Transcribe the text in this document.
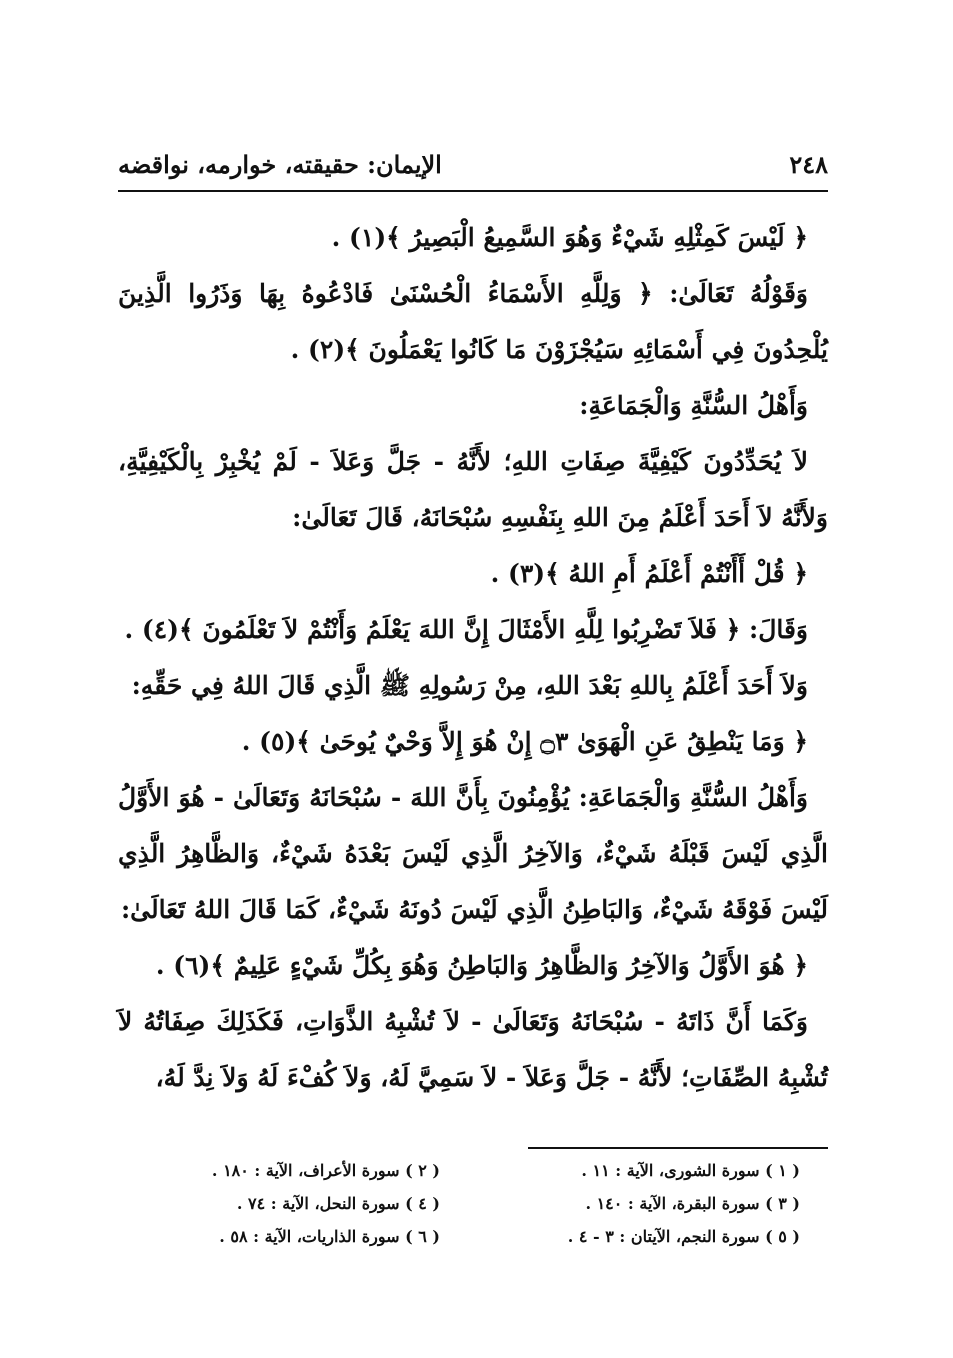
٢٤٨
الإيمان: حقيقته، خوارمه، نواقضه

﴿ لَيْسَ كَمِثْلِهِ شَيْءٌ وَهُوَ السَّمِيعُ الْبَصِيرُ ﴾(١) .

وَقَوْلُهُ تَعَالَىٰ: ﴿ وَلِلَّهِ الأَسْمَاءُ الْحُسْنَىٰ فَادْعُوهُ بِهَا وَذَرُوا الَّذِينَ يُلْحِدُونَ فِي أَسْمَائِهِ سَيُجْزَوْنَ مَا كَانُوا يَعْمَلُونَ ﴾(٢) .

وَأَهْلُ السُّنَّةِ وَالْجَمَاعَةِ:

لاَ يُحَدِّدُونَ كَيْفِيَّةَ صِفَاتِ اللهِ؛ لأَنَّهُ - جَلَّ وَعَلاَ - لَمْ يُخْبِرْ بِالْكَيْفِيَّةِ، وَلأَنَّهُ لاَ أَحَدَ أَعْلَمُ مِنَ اللهِ بِنَفْسِهِ سُبْحَانَهُ، قَالَ تَعَالَىٰ:

﴿ قُلْ أَأَنْتُمْ أَعْلَمُ أَمِ اللهُ ﴾(٣) .

وَقَالَ: ﴿ فَلاَ تَضْرِبُوا لِلَّهِ الأَمْثَالَ إِنَّ اللهَ يَعْلَمُ وَأَنْتُمْ لاَ تَعْلَمُونَ ﴾(٤) .

وَلاَ أَحَدَ أَعْلَمُ بِاللهِ بَعْدَ اللهِ، مِنْ رَسُولِهِ ﷺ الَّذِي قَالَ اللهُ فِي حَقِّهِ:

﴿ وَمَا يَنْطِقُ عَنِ الْهَوَىٰ ۝٣ إِنْ هُوَ إِلاَّ وَحْيٌ يُوحَىٰ ﴾(٥) .

وَأَهْلُ السُّنَّةِ وَالْجَمَاعَةِ: يُؤْمِنُونَ بِأَنَّ اللهَ - سُبْحَانَهُ وَتَعَالَىٰ - هُوَ الأَوَّلُ الَّذِي لَيْسَ قَبْلَهُ شَيْءٌ، وَالآخِرُ الَّذِي لَيْسَ بَعْدَهُ شَيْءٌ، وَالظَّاهِرُ الَّذِي لَيْسَ فَوْقَهُ شَيْءٌ، وَالبَاطِنُ الَّذِي لَيْسَ دُونَهُ شَيْءٌ، كَمَا قَالَ اللهُ تَعَالَىٰ:

﴿ هُوَ الأَوَّلُ وَالآخِرُ وَالظَّاهِرُ وَالبَاطِنُ وَهُوَ بِكُلِّ شَيْءٍ عَلِيمٌ ﴾(٦) .

وَكَمَا أَنَّ ذَاتَهُ - سُبْحَانَهُ وَتَعَالَىٰ - لاَ تُشْبِهُ الذَّوَاتِ، فَكَذَلِكَ صِفَاتُهُ لاَ تُشْبِهُ الصِّفَاتِ؛ لأَنَّهُ - جَلَّ وَعَلاَ - لاَ سَمِيَّ لَهُ، وَلاَ كُفْءَ لَهُ وَلاَ نِدَّ لَهُ،

( ١ ) سورة الشورى، الآية : ١١ .
( ٢ ) سورة الأعراف، الآية : ١٨٠ .
( ٣ ) سورة البقرة، الآية : ١٤٠ .
( ٤ ) سورة النحل، الآية : ٧٤ .
( ٥ ) سورة النجم، الآيتان : ٣ - ٤ .
( ٦ ) سورة الذاريات، الآية : ٥٨ .
